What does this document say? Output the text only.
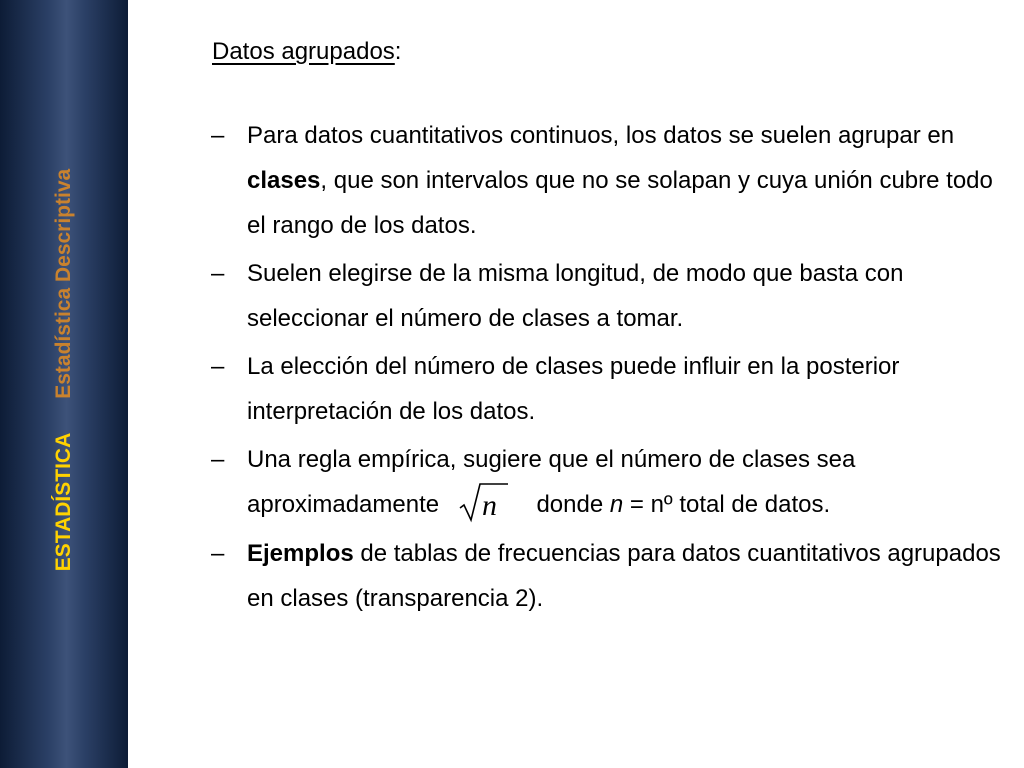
ESTADÍSTICAEstadística Descriptiva
Datos agrupados:
– Para datos cuantitativos continuos, los datos se suelen agrupar en clases, que son intervalos que no se solapan y cuya unión cubre todo el rango de los datos.
– Suelen elegirse de la misma longitud, de modo que basta con seleccionar el número de clases a tomar.
– La elección del número de clases puede influir en la posterior interpretación de los datos.
– Una regla empírica, sugiere que el número de clases sea aproximadamente n donde n = nº total de datos.
– Ejemplos de tablas de frecuencias para datos cuantitativos agrupados en clases (transparencia 2).
